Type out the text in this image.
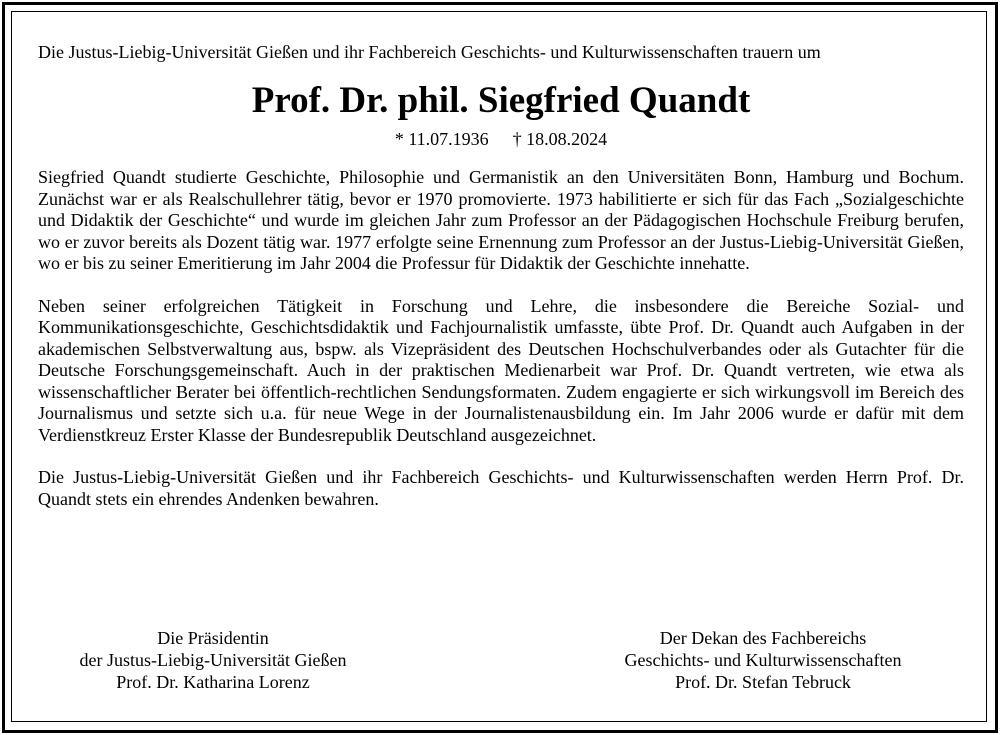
Die Justus-Liebig-Universität Gießen und ihr Fachbereich Geschichts- und Kulturwissenschaften trauern um

Prof. Dr. phil. Siegfried Quandt

* 11.07.1936 † 18.08.2024

Siegfried Quandt studierte Geschichte, Philosophie und Germanistik an den Universitäten Bonn, Hamburg und Bochum. Zunächst war er als Realschullehrer tätig, bevor er 1970 promovierte. 1973 habilitierte er sich für das Fach „Sozialgeschichte und Didaktik der Geschichte“ und wurde im gleichen Jahr zum Professor an der Pädagogischen Hochschule Freiburg berufen, wo er zuvor bereits als Dozent tätig war. 1977 erfolgte seine Ernennung zum Professor an der Justus-Liebig-Universität Gießen, wo er bis zu seiner Emeritierung im Jahr 2004 die Professur für Didaktik der Geschichte innehatte.

Neben seiner erfolgreichen Tätigkeit in Forschung und Lehre, die insbesondere die Bereiche Sozial- und Kommunikationsgeschichte, Geschichtsdidaktik und Fachjournalistik umfasste, übte Prof. Dr. Quandt auch Aufgaben in der akademischen Selbstverwaltung aus, bspw. als Vizepräsident des Deutschen Hochschulverbandes oder als Gutachter für die Deutsche Forschungsgemeinschaft. Auch in der praktischen Medienarbeit war Prof. Dr. Quandt vertreten, wie etwa als wissenschaftlicher Berater bei öffentlich-rechtlichen Sendungsformaten. Zudem engagierte er sich wirkungsvoll im Bereich des Journalismus und setzte sich u.a. für neue Wege in der Journalistenausbildung ein. Im Jahr 2006 wurde er dafür mit dem Verdienstkreuz Erster Klasse der Bundesrepublik Deutschland ausgezeichnet.

Die Justus-Liebig-Universität Gießen und ihr Fachbereich Geschichts- und Kulturwissenschaften werden Herrn Prof. Dr. Quandt stets ein ehrendes Andenken bewahren.

Die Präsidentin
der Justus-Liebig-Universität Gießen
Prof. Dr. Katharina Lorenz
Der Dekan des Fachbereichs
Geschichts- und Kulturwissenschaften
Prof. Dr. Stefan Tebruck
